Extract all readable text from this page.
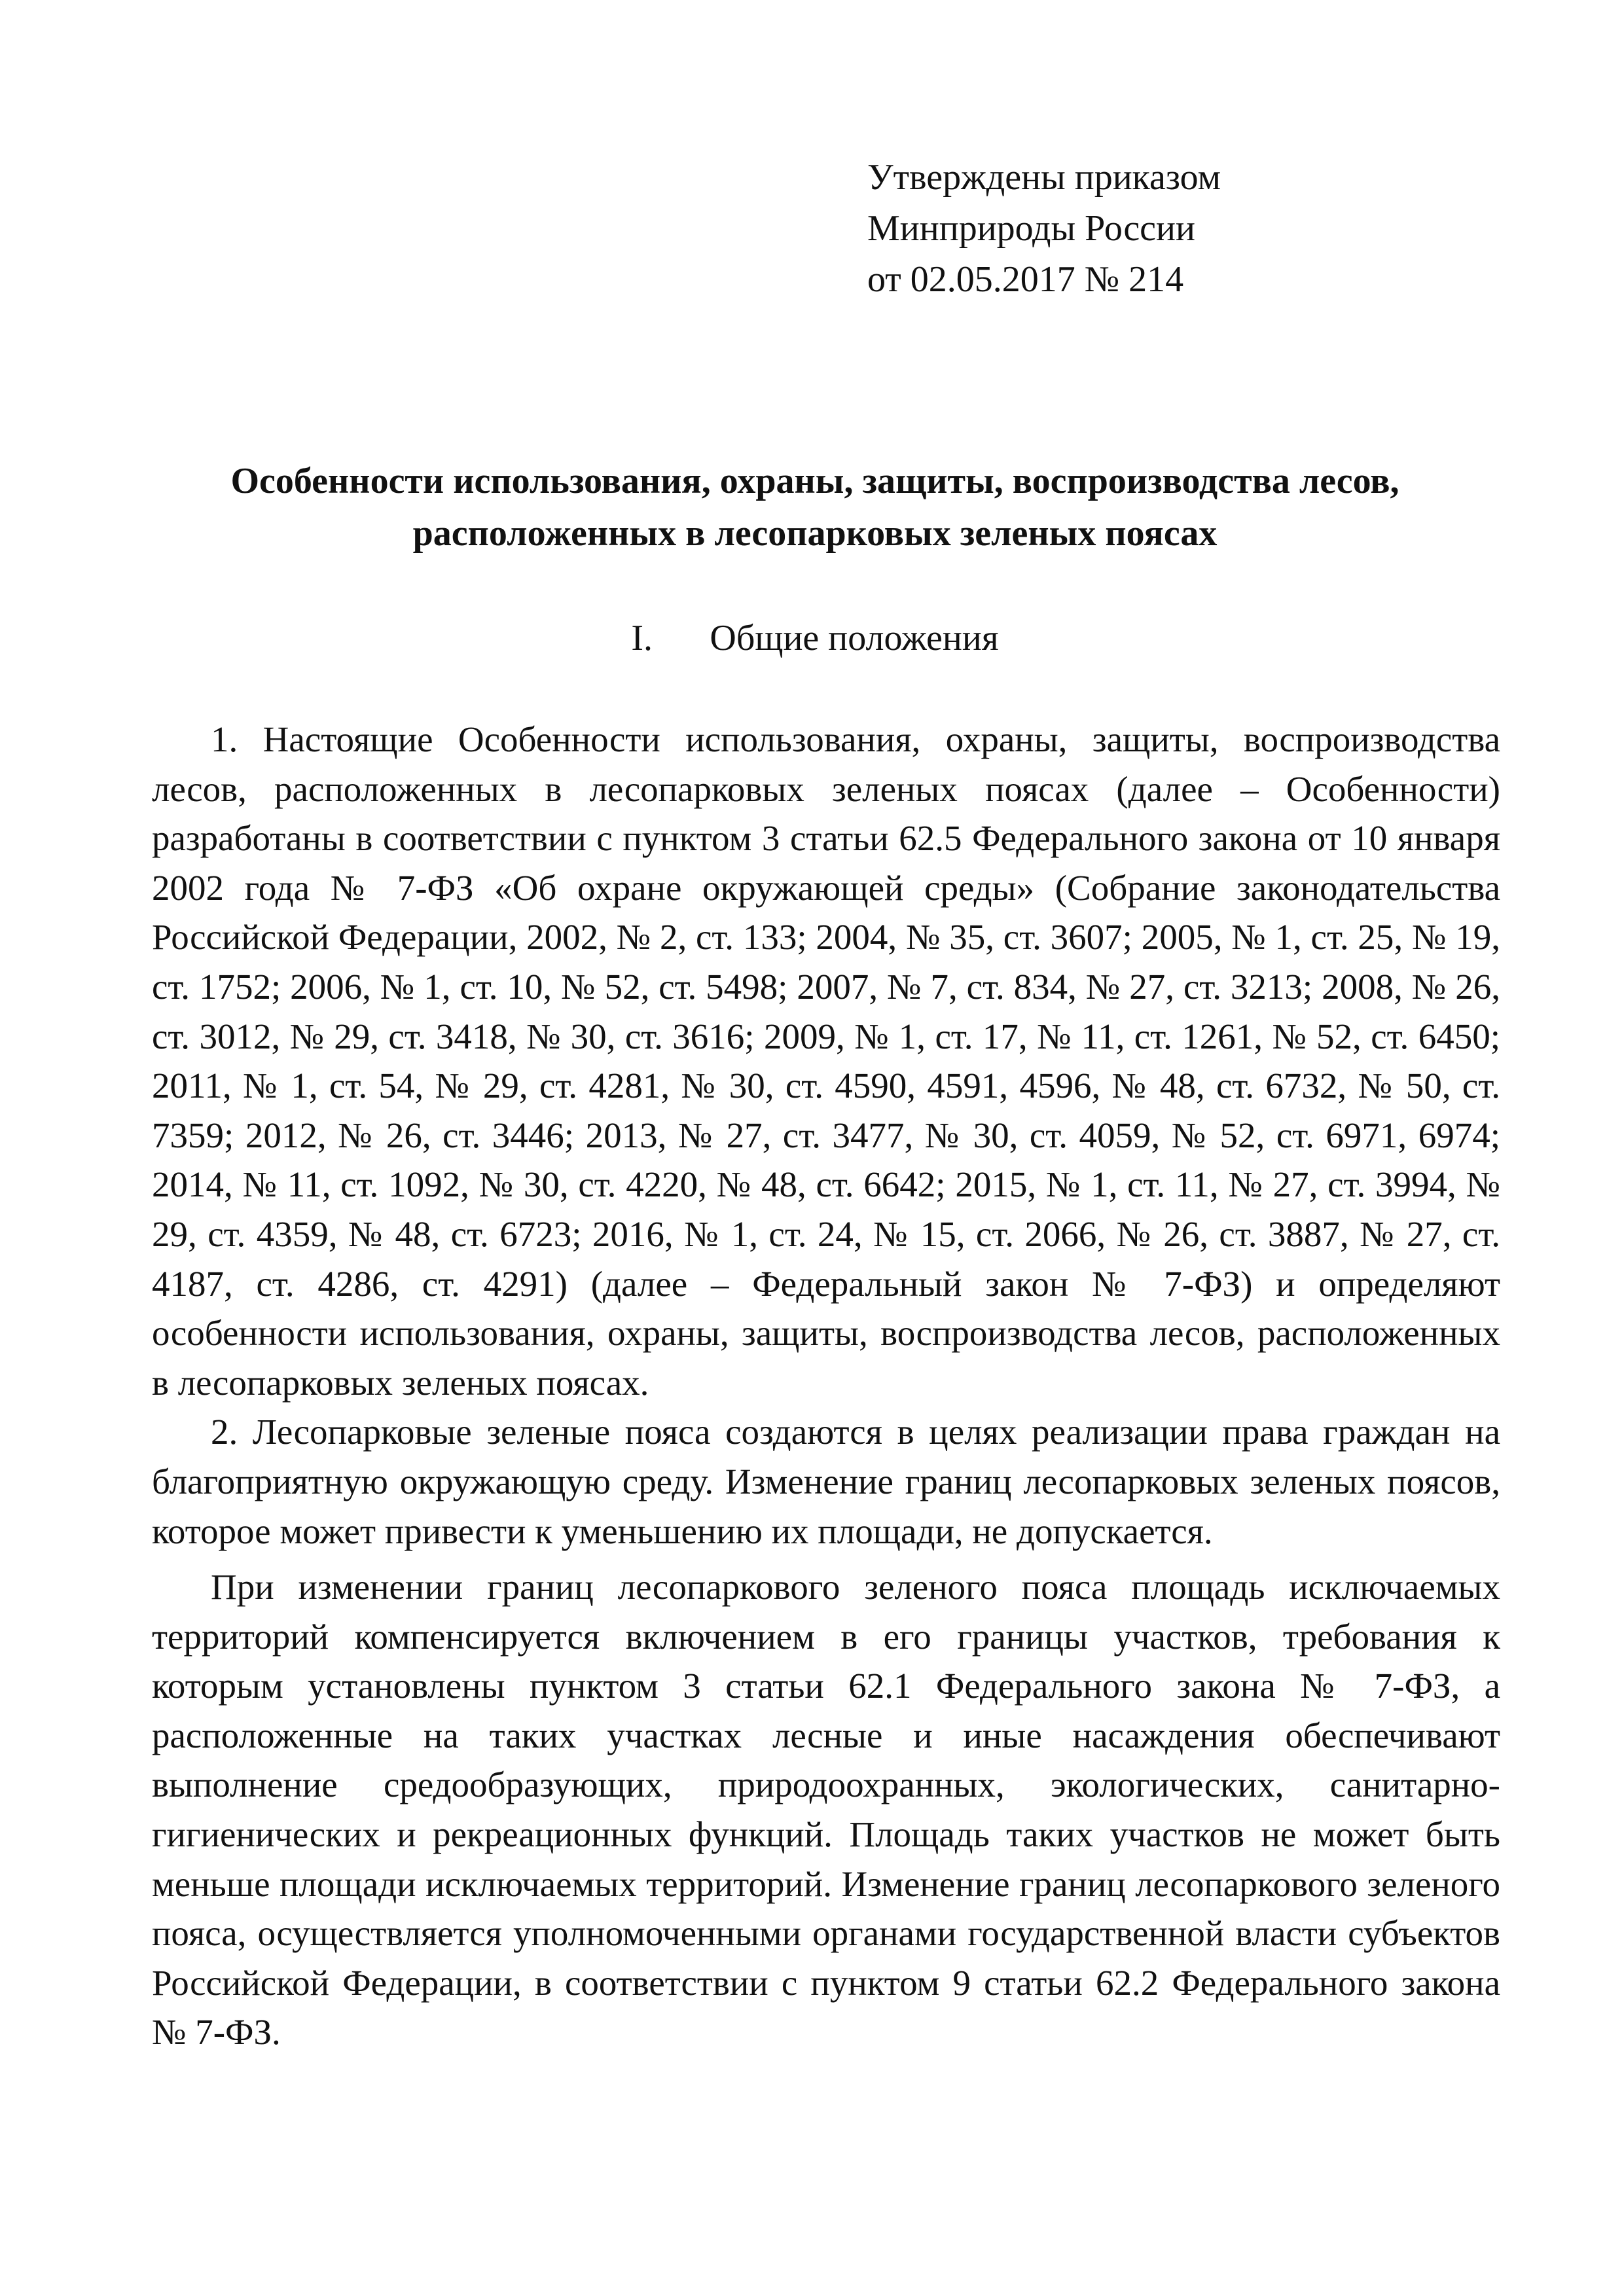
Утверждены приказом
Минприроды России
от 02.05.2017 № 214
Особенности использования, охраны, защиты, воспроизводства лесов,
расположенных в лесопарковых зеленых поясах
I. Общие положения

1. Настоящие Особенности использования, охраны, защиты, воспроизводства лесов, расположенных в лесопарковых зеленых поясах (далее – Особенности) разработаны в соответствии с пунктом 3 статьи 62.5 Федерального закона от 10 января 2002 года № 7-ФЗ «Об охране окружающей среды» (Собрание законодательства Российской Федерации, 2002, № 2, ст. 133; 2004, № 35, ст. 3607; 2005, № 1, ст. 25, № 19, ст. 1752; 2006, № 1, ст. 10, № 52, ст. 5498; 2007, № 7, ст. 834, № 27, ст. 3213; 2008, № 26, ст. 3012, № 29, ст. 3418, № 30, ст. 3616; 2009, № 1, ст. 17, № 11, ст. 1261, № 52, ст. 6450; 2011, № 1, ст. 54, № 29, ст. 4281, № 30, ст. 4590, 4591, 4596, № 48, ст. 6732, № 50, ст. 7359; 2012, № 26, ст. 3446; 2013, № 27, ст. 3477, № 30, ст. 4059, № 52, ст. 6971, 6974; 2014, № 11, ст. 1092, № 30, ст. 4220, № 48, ст. 6642; 2015, № 1, ст. 11, № 27, ст. 3994, № 29, ст. 4359, № 48, ст. 6723; 2016, № 1, ст. 24, № 15, ст. 2066, № 26, ст. 3887, № 27, ст. 4187, ст. 4286, ст. 4291) (далее – Федеральный закон № 7-ФЗ) и определяют особенности использования, охраны, защиты, воспроизводства лесов, расположенных в лесопарковых зеленых поясах.

2. Лесопарковые зеленые пояса создаются в целях реализации права граждан на благоприятную окружающую среду. Изменение границ лесопарковых зеленых поясов, которое может привести к уменьшению их площади, не допускается.

При изменении границ лесопаркового зеленого пояса площадь исключаемых территорий компенсируется включением в его границы участков, требования к которым установлены пунктом 3 статьи 62.1 Федерального закона № 7-ФЗ, а расположенные на таких участках лесные и иные насаждения обеспечивают выполнение средообразующих, природоохранных, экологических, санитарно-гигиенических и рекреационных функций. Площадь таких участков не может быть меньше площади исключаемых территорий. Изменение границ лесопаркового зеленого пояса, осуществляется уполномоченными органами государственной власти субъектов Российской Федерации, в соответствии с пунктом 9 статьи 62.2 Федерального закона № 7-ФЗ.
